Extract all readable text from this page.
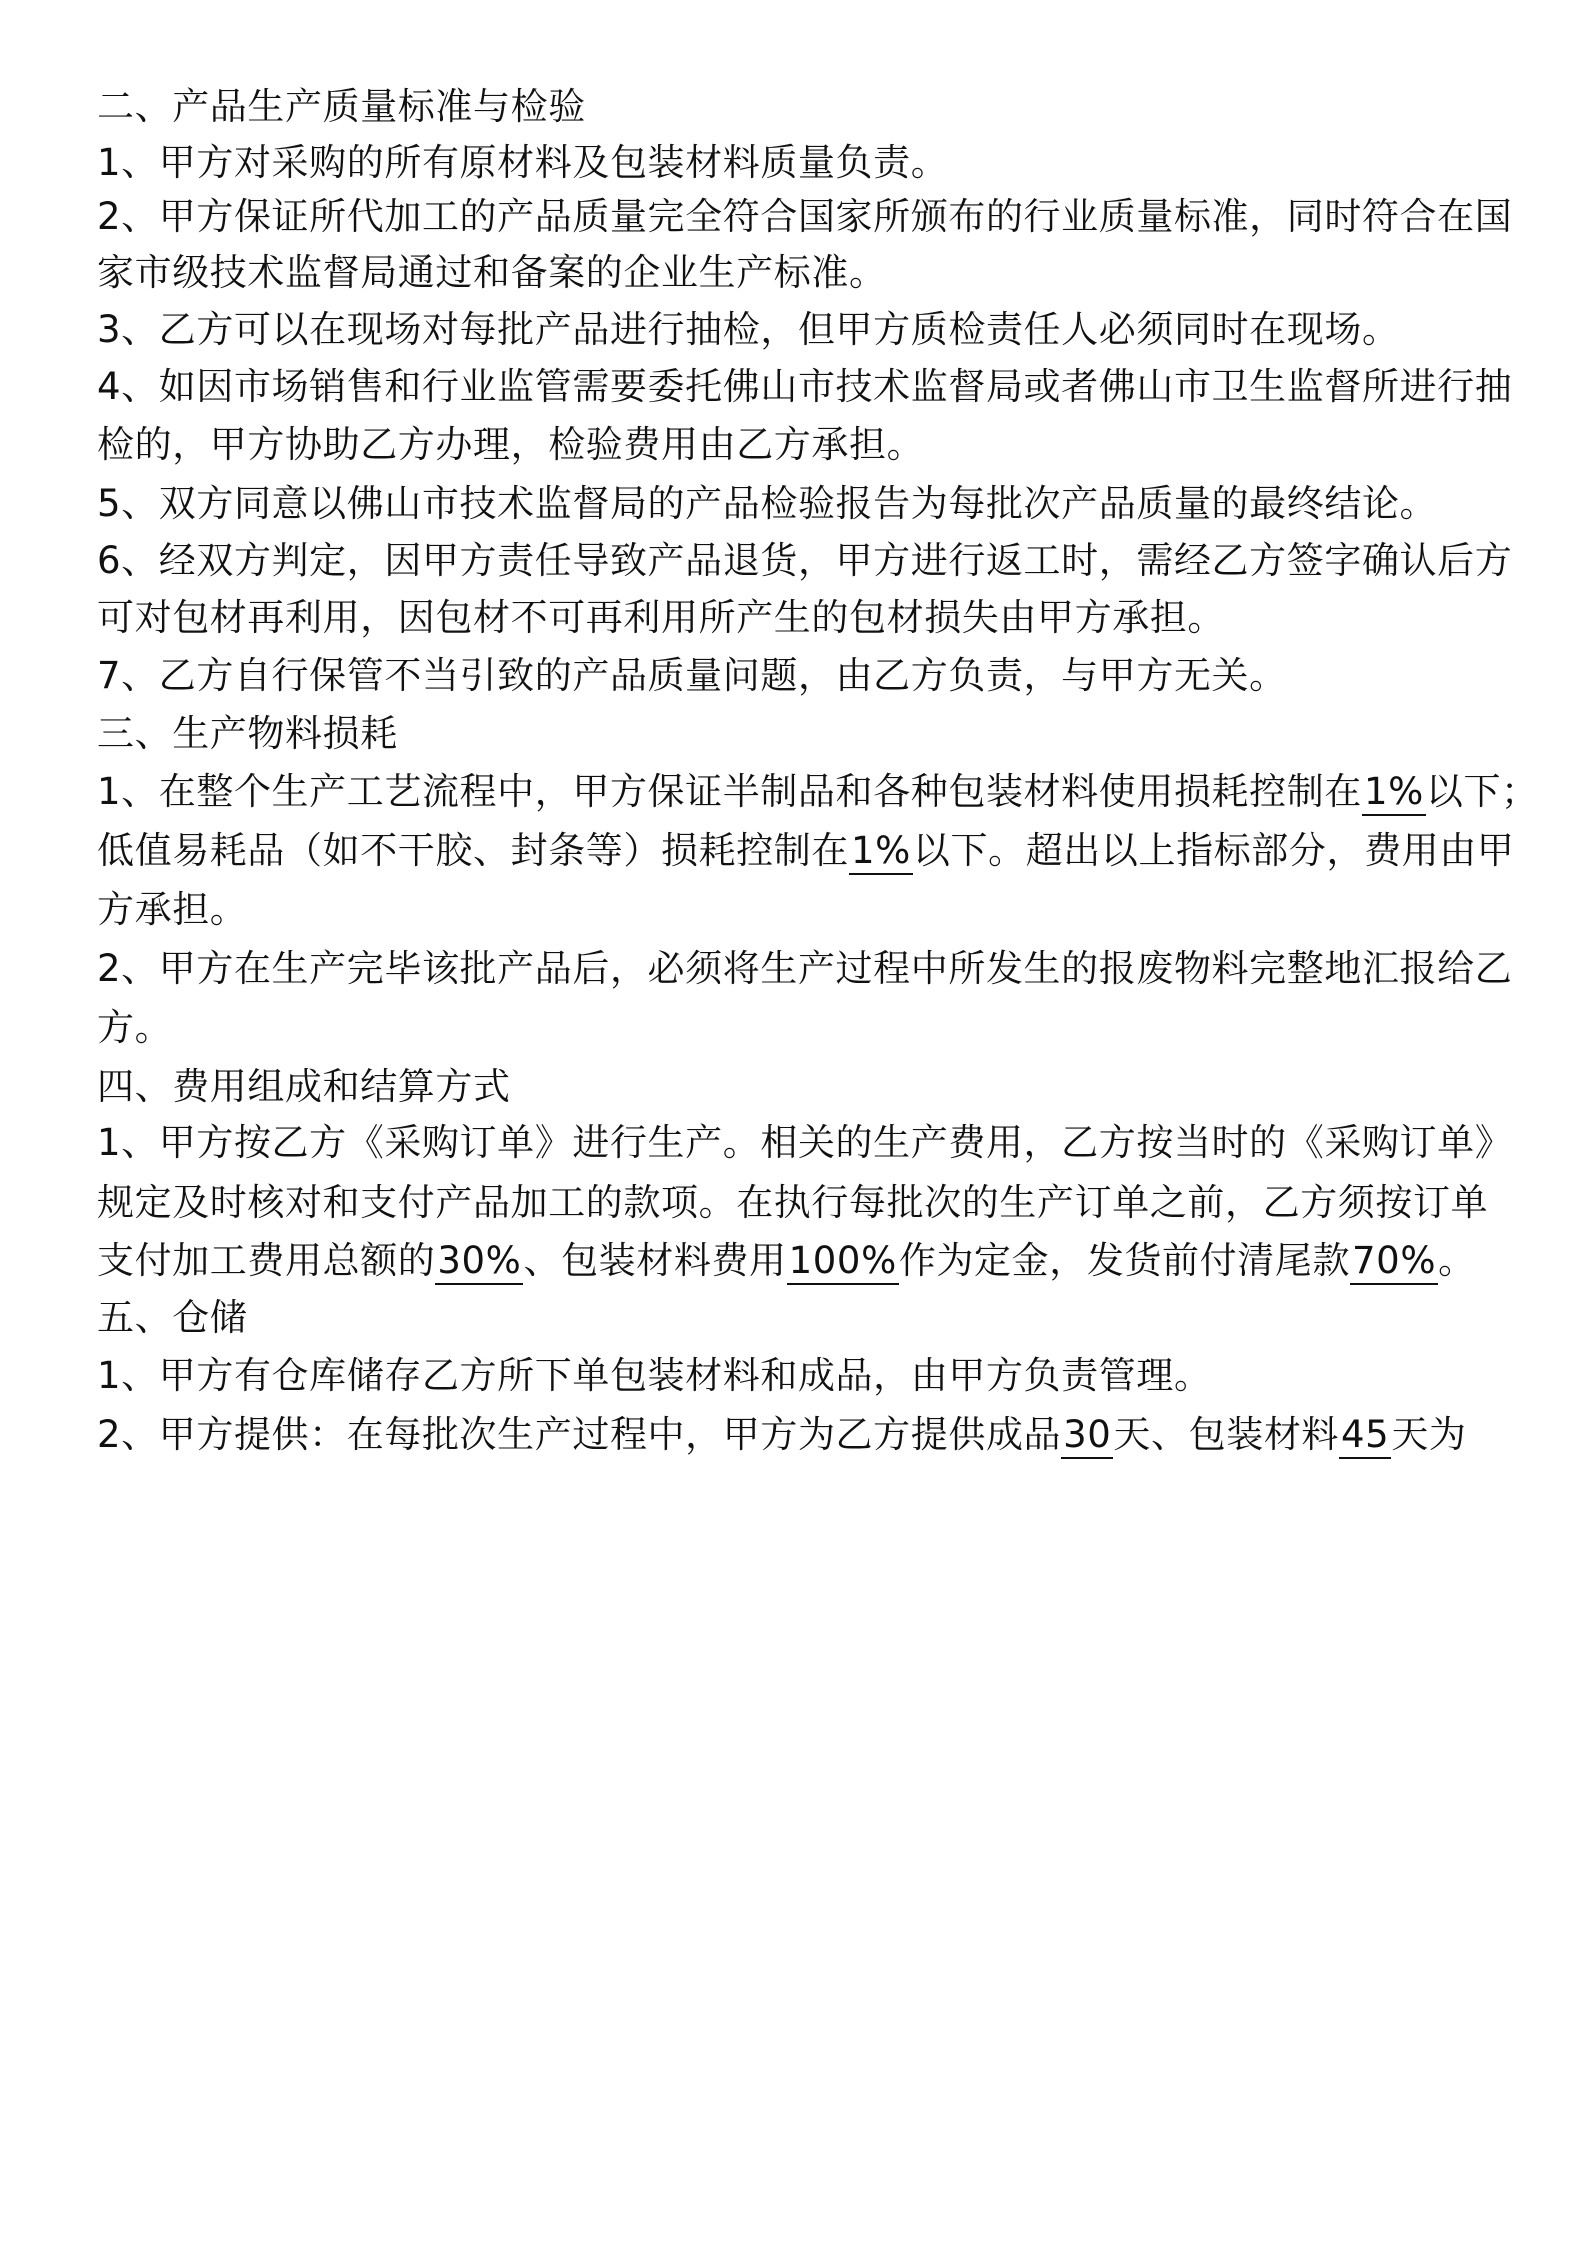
二、产品生产质量标准与检验
1、甲方对采购的所有原材料及包装材料质量负责。
2、甲方保证所代加工的产品质量完全符合国家所颁布的行业质量标准，同时符合在国
家市级技术监督局通过和备案的企业生产标准。
3、乙方可以在现场对每批产品进行抽检，但甲方质检责任人必须同时在现场。
4、如因市场销售和行业监管需要委托佛山市技术监督局或者佛山市卫生监督所进行抽
检的，甲方协助乙方办理，检验费用由乙方承担。
5、双方同意以佛山市技术监督局的产品检验报告为每批次产品质量的最终结论。
6、经双方判定，因甲方责任导致产品退货，甲方进行返工时，需经乙方签字确认后方
可对包材再利用，因包材不可再利用所产生的包材损失由甲方承担。
7、乙方自行保管不当引致的产品质量问题，由乙方负责，与甲方无关。
三、生产物料损耗
1、在整个生产工艺流程中，甲方保证半制品和各种包装材料使用损耗控制在1%以下；
低值易耗品（如不干胶、封条等）损耗控制在1%以下。超出以上指标部分，费用由甲
方承担。
2、甲方在生产完毕该批产品后，必须将生产过程中所发生的报废物料完整地汇报给乙
方。
四、费用组成和结算方式
1、甲方按乙方《采购订单》进行生产。相关的生产费用，乙方按当时的《采购订单》
规定及时核对和支付产品加工的款项。在执行每批次的生产订单之前，乙方须按订单
支付加工费用总额的30%、包装材料费用100%作为定金，发货前付清尾款70%。
五、仓储
1、甲方有仓库储存乙方所下单包装材料和成品，由甲方负责管理。
2、甲方提供：在每批次生产过程中，甲方为乙方提供成品30天、包装材料45天为
